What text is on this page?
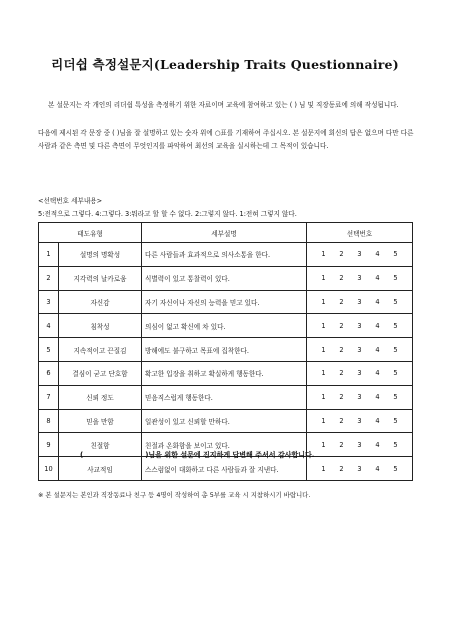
리더쉽 측정설문지(Leadership Traits Questionnaire)
본 설문지는 각 개인의 리더쉽 특성을 측정하기 위한 자료이며 교육에 참여하고 있는 ( ) 님 및 직장동료에 의해 작성됩니다.
다음에 제시된 각 문장 중 ( )님을 잘 설명하고 있는 숫자 위에 ○표를 기재하여 주십시오. 본 설문지에 회신의 답은 없으며 다만 다른 사람과 같은 측면 및 다른 측면이 무엇인지를 파악하여 최선의 교육을 실시하는데 그 목적이 있습니다.
<선택번호 세부내용>
5:전적으로 그렇다. 4:그렇다. 3:뭐라고 할 할 수 없다. 2:그렇지 않다. 1:전혀 그렇지 않다.
태도유형		세부설명	선택번호
1	설명의 명확성	다른 사람들과 효과적으로 의사소통을 한다.	1 2 3 4 5
2	지각력의 날카로움	식별력이 있고 통찰력이 있다.	1 2 3 4 5
3	자신감	자기 자신이나 자신의 능력을 믿고 있다.	1 2 3 4 5
4	침착성	의심이 없고 확신에 차 있다.	1 2 3 4 5
5	지속적이고 끈질김	방해에도 불구하고 목표에 집착한다.	1 2 3 4 5
6	결심이 굳고 단호함	확고한 입장을 취하고 확실하게 행동한다.	1 2 3 4 5
7	신뢰 정도	믿음직스럽게 행동한다.	1 2 3 4 5
8	믿을 만함	일관성이 있고 신뢰할 만하다.	1 2 3 4 5
9	친절함	친절과 온화함을 보이고 있다.	1 2 3 4 5
10	사교적임	스스럼없이 대화하고 다른 사람들과 잘 지낸다.	1 2 3 4 5
(	)님을 위한 설문에 진지하게 답변해 주셔서 감사합니다.
※ 본 설문지는 본인과 직장동료나 친구 등 4명이 작성하여 총 5부를 교육 시 지참하시기 바랍니다.
